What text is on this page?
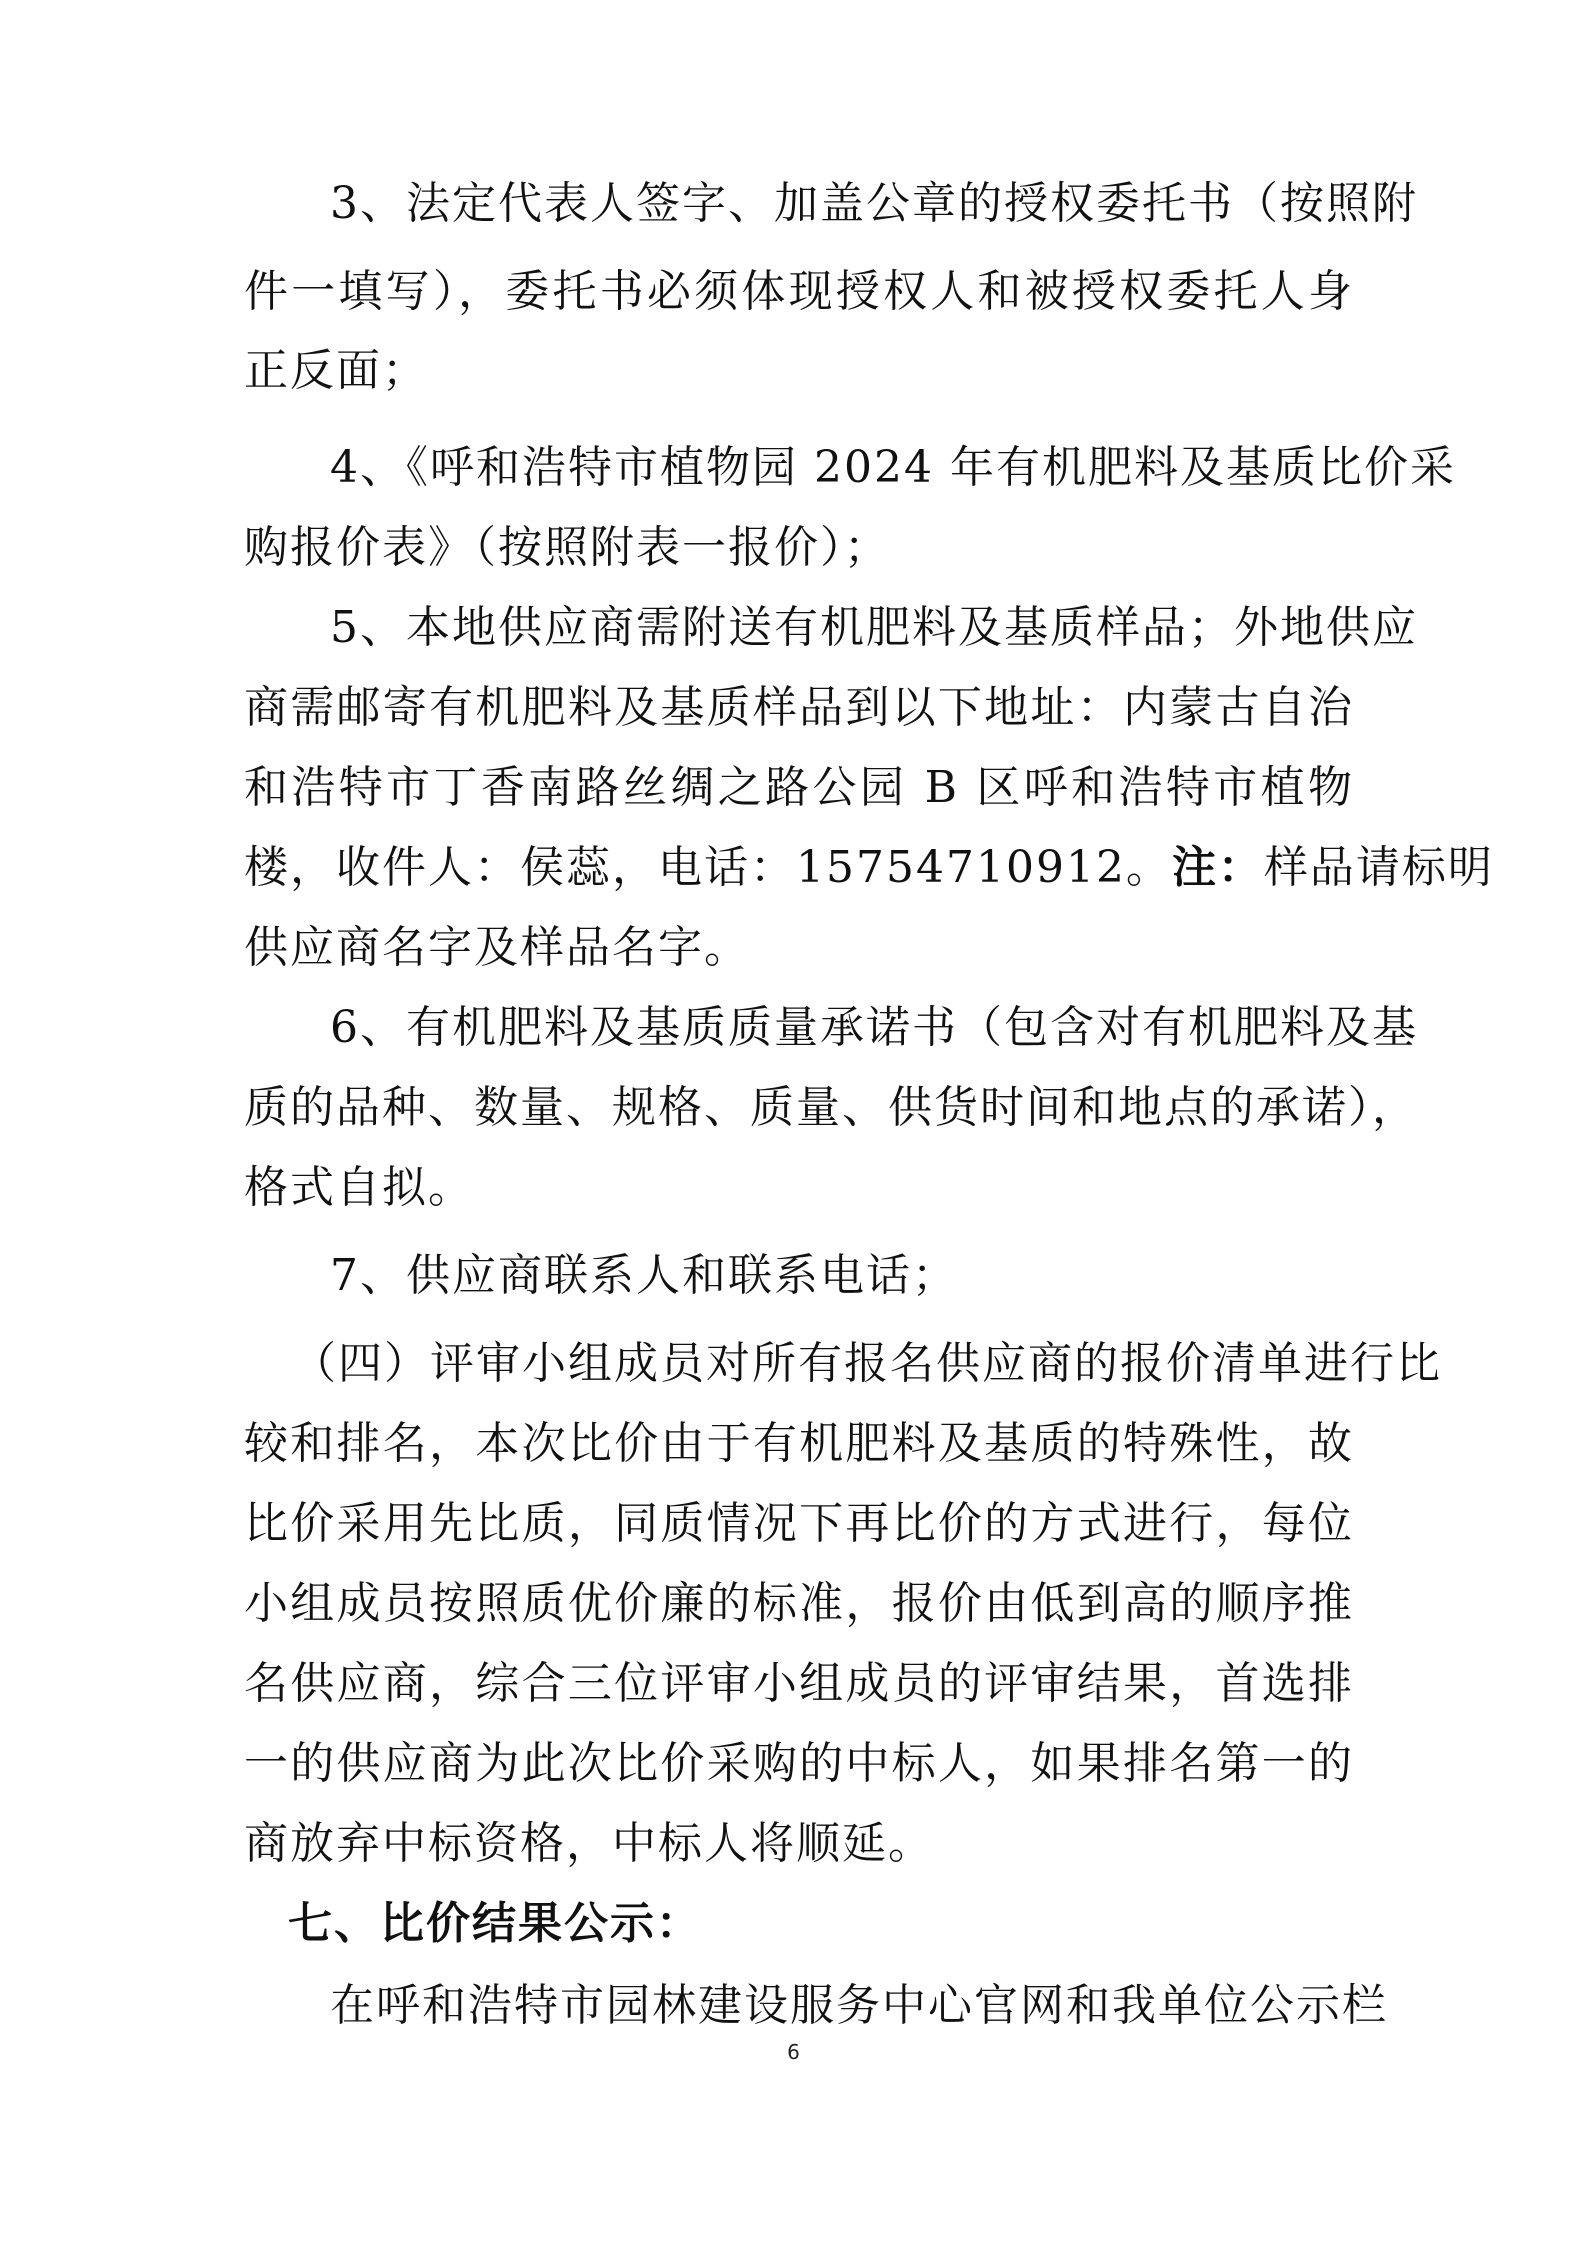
3、法定代表人签字、加盖公章的授权委托书（按照附
件一填写），委托书必须体现授权人和被授权委托人身
正反面；
4、《呼和浩特市植物园 2024 年有机肥料及基质比价采
购报价表》（按照附表一报价）；
5、本地供应商需附送有机肥料及基质样品；外地供应
商需邮寄有机肥料及基质样品到以下地址：内蒙古自治
和浩特市丁香南路丝绸之路公园 B 区呼和浩特市植物
楼，收件人：侯蕊，电话：15754710912。注：样品请标明
供应商名字及样品名字。
6、有机肥料及基质质量承诺书（包含对有机肥料及基
质的品种、数量、规格、质量、供货时间和地点的承诺），
格式自拟。
7、供应商联系人和联系电话；
（四）评审小组成员对所有报名供应商的报价清单进行比
较和排名，本次比价由于有机肥料及基质的特殊性，故
比价采用先比质，同质情况下再比价的方式进行，每位
小组成员按照质优价廉的标准，报价由低到高的顺序推
名供应商，综合三位评审小组成员的评审结果，首选排
一的供应商为此次比价采购的中标人，如果排名第一的
商放弃中标资格，中标人将顺延。
七、比价结果公示：
在呼和浩特市园林建设服务中心官网和我单位公示栏
6
